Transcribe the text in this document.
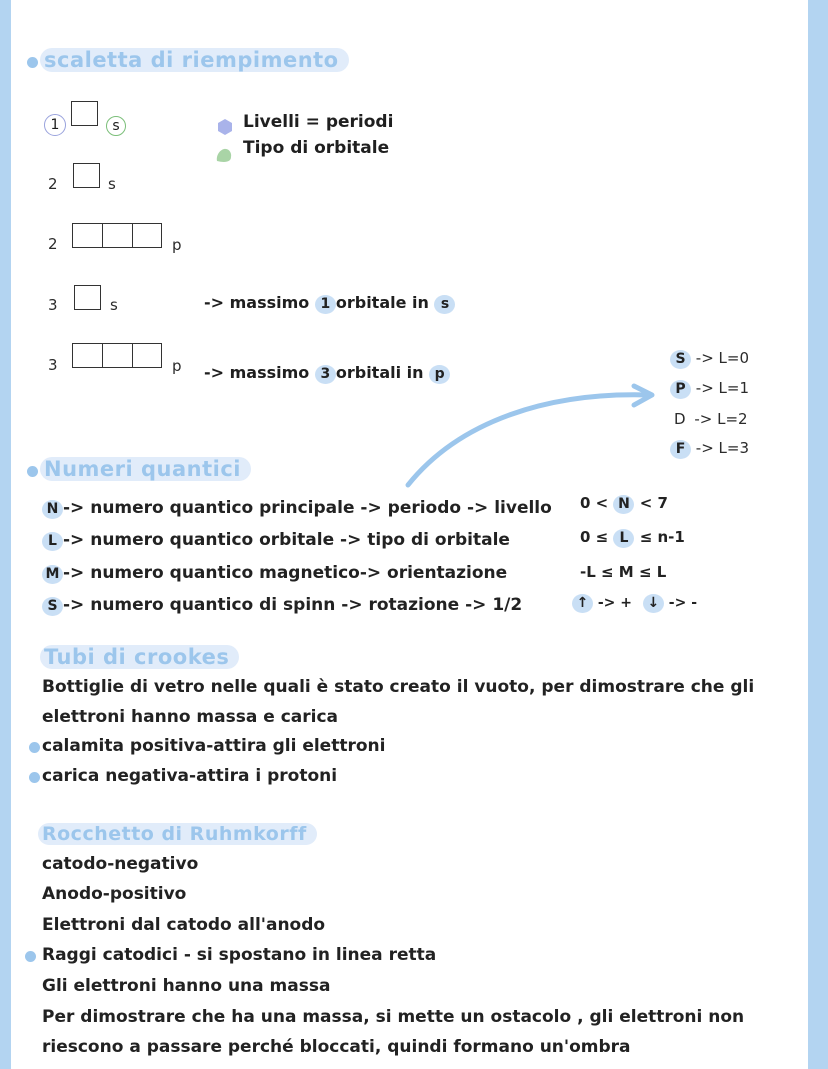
scaletta di riempimento
1	s
2	s
2	p
3	s
3	p
Livelli = periodi
Tipo di orbitale
-> massimo 1 orbitale in s
-> massimo 3 orbitali in p
S -> L=0
P -> L=1
D -> L=2
F -> L=3
Numeri quantici
N -> numero quantico principale -> periodo -> livello
L -> numero quantico orbitale -> tipo di orbitale
M -> numero quantico magnetico-> orientazione
S -> numero quantico di spinn -> rotazione -> 1/2
0 < N < 7
0 ≤ L ≤ n-1
-L ≤ M ≤ L
↑ -> + ↓ -> -
Tubi di crookes
Bottiglie di vetro nelle quali è stato creato il vuoto, per dimostrare che gli
elettroni hanno massa e carica
calamita positiva-attira gli elettroni
carica negativa-attira i protoni
Rocchetto di Ruhmkorff
catodo-negativo
Anodo-positivo
Elettroni dal catodo all'anodo
Raggi catodici - si spostano in linea retta
Gli elettroni hanno una massa
Per dimostrare che ha una massa, si mette un ostacolo , gli elettroni non
riescono a passare perché bloccati, quindi formano un'ombra
